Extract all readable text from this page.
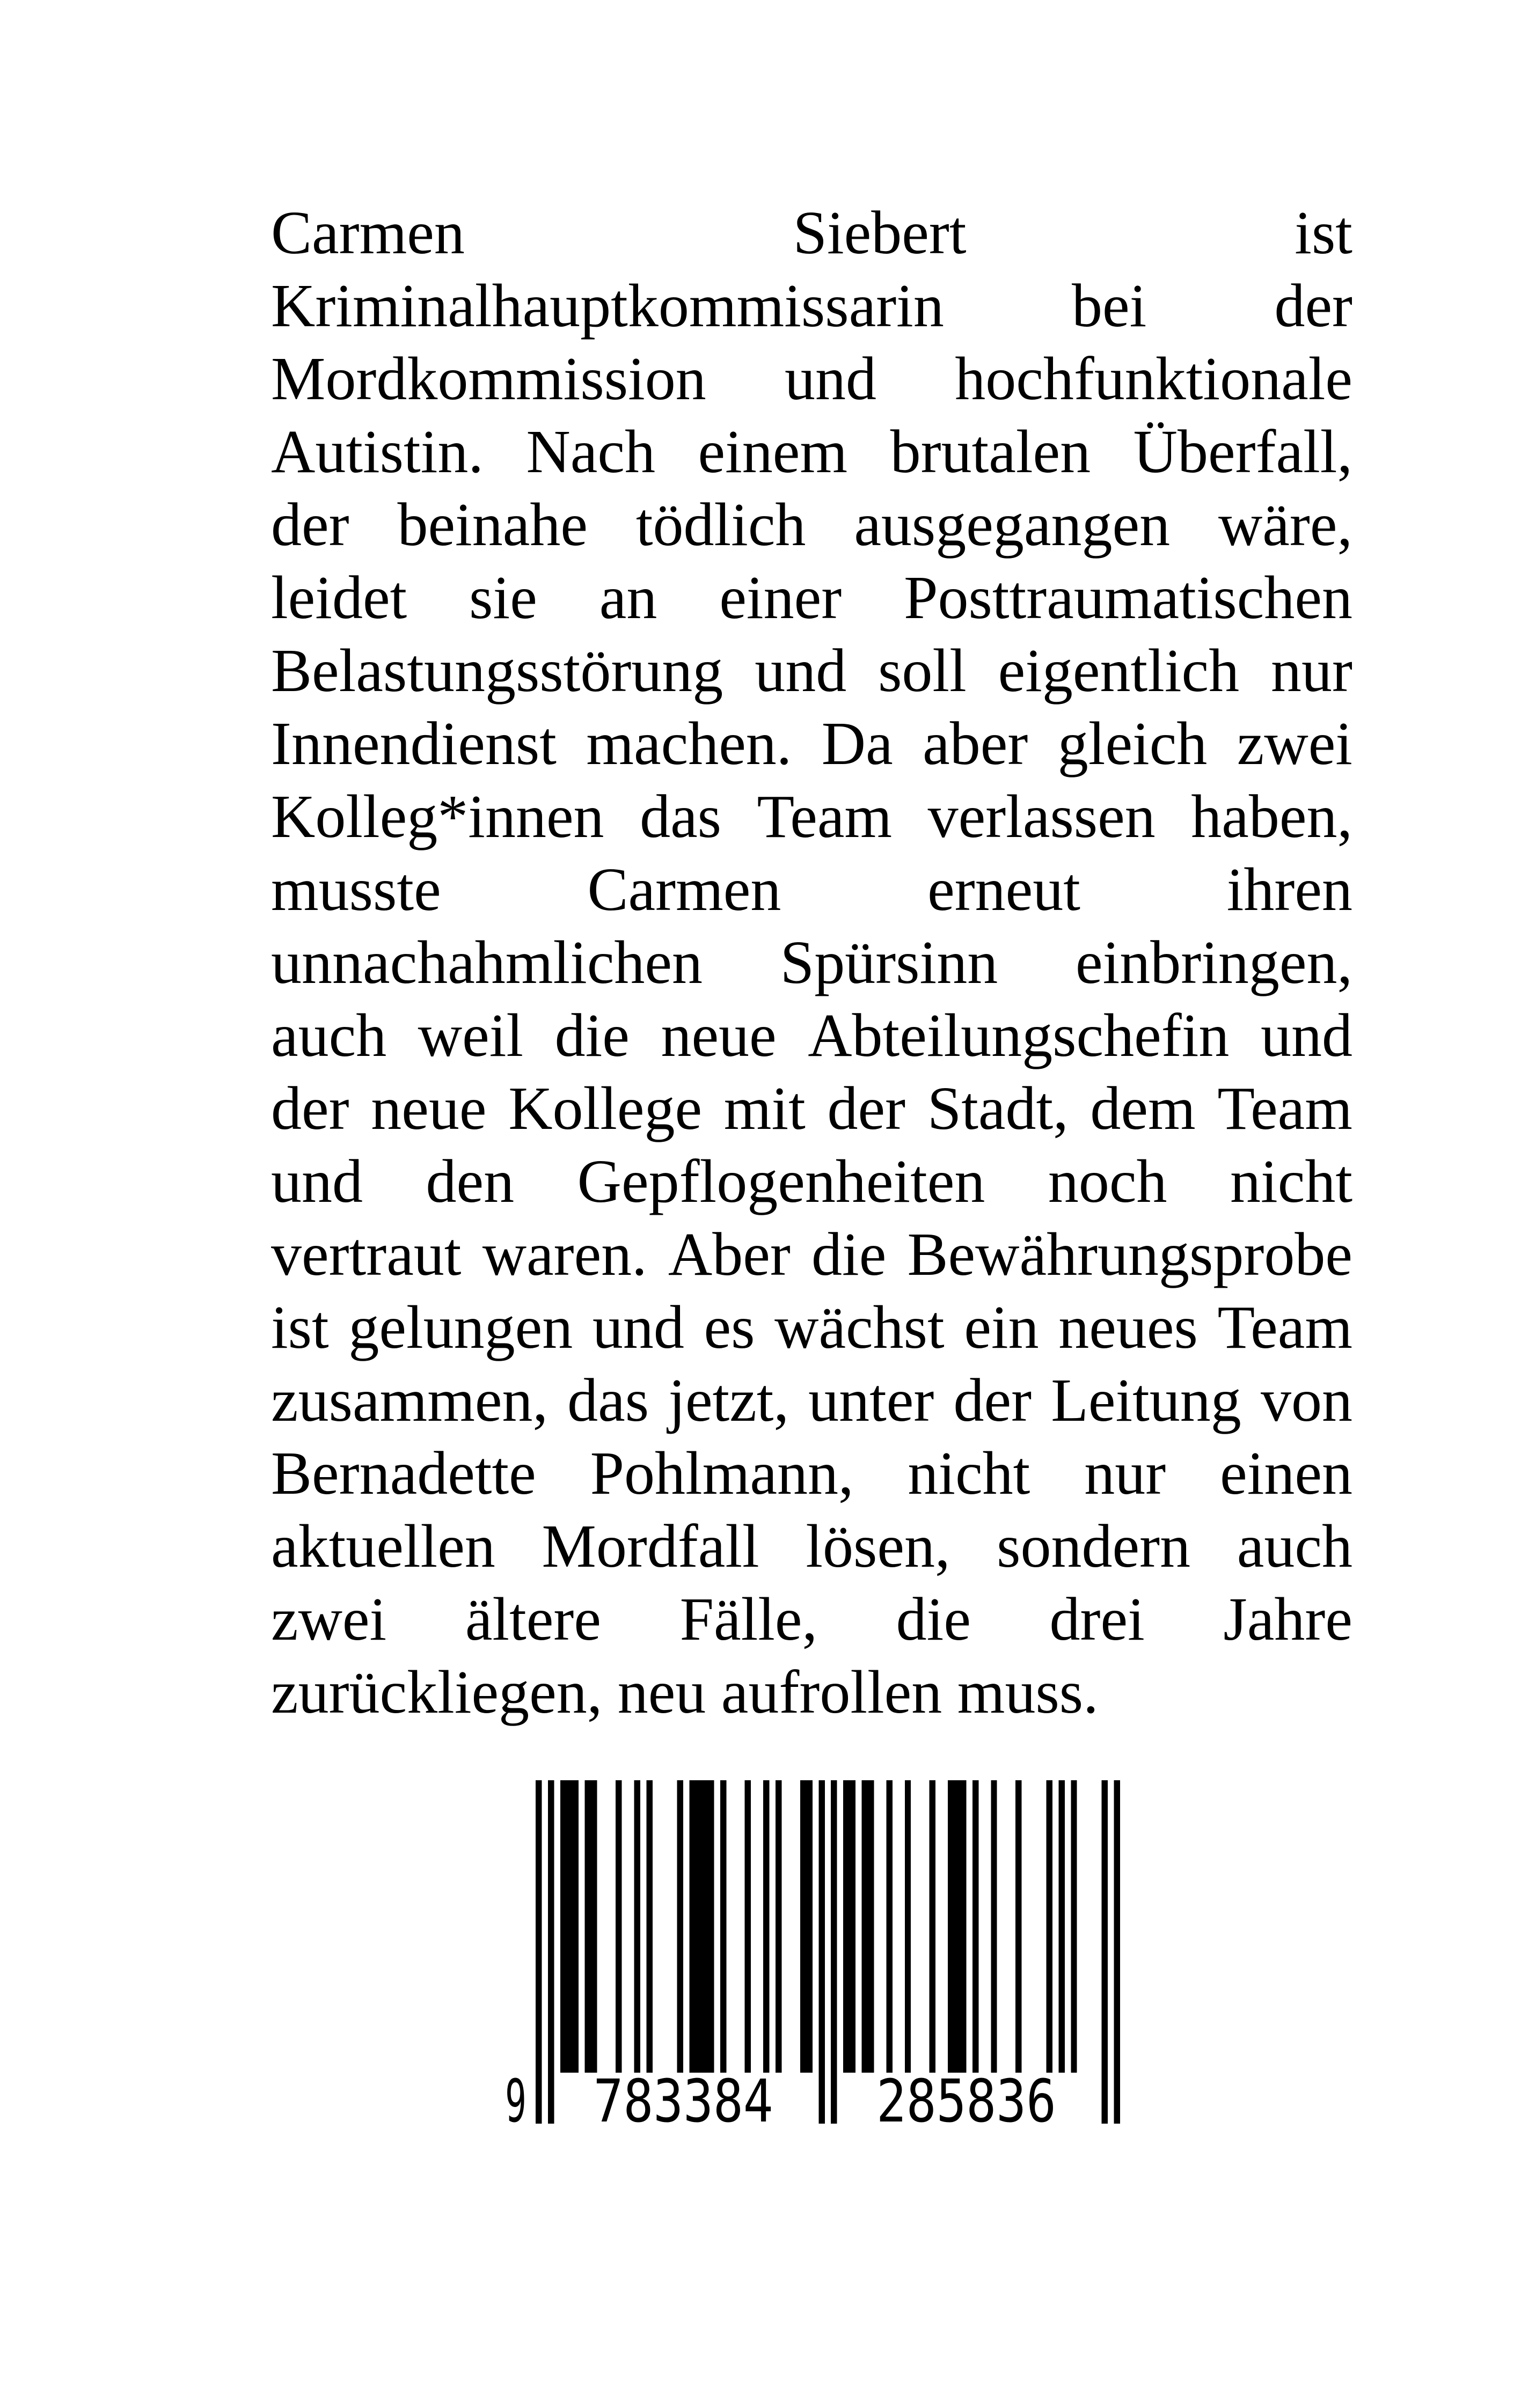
Carmen	Siebert	ist
Kriminalhauptkommissarin bei der
Mordkommission und hochfunktionale
Autistin. Nach einem brutalen Überfall,
der beinahe tödlich ausgegangen wäre,
leidet sie an einer Posttraumatischen
Belastungsstörung und soll eigentlich nur
Innendienst machen. Da aber gleich zwei
Kolleg*innen das Team verlassen haben,
musste Carmen erneut ihren
unnachahmlichen Spürsinn einbringen,
auch weil die neue Abteilungschefin und
der neue Kollege mit der Stadt, dem Team
und den Gepflogenheiten noch nicht
vertraut waren. Aber die Bewährungsprobe
ist gelungen und es wächst ein neues Team
zusammen, das jetzt, unter der Leitung von
Bernadette Pohlmann, nicht nur einen
aktuellen Mordfall lösen, sondern auch
zwei ältere Fälle, die drei Jahre
zurückliegen, neu aufrollen muss.
9 783384 285836
